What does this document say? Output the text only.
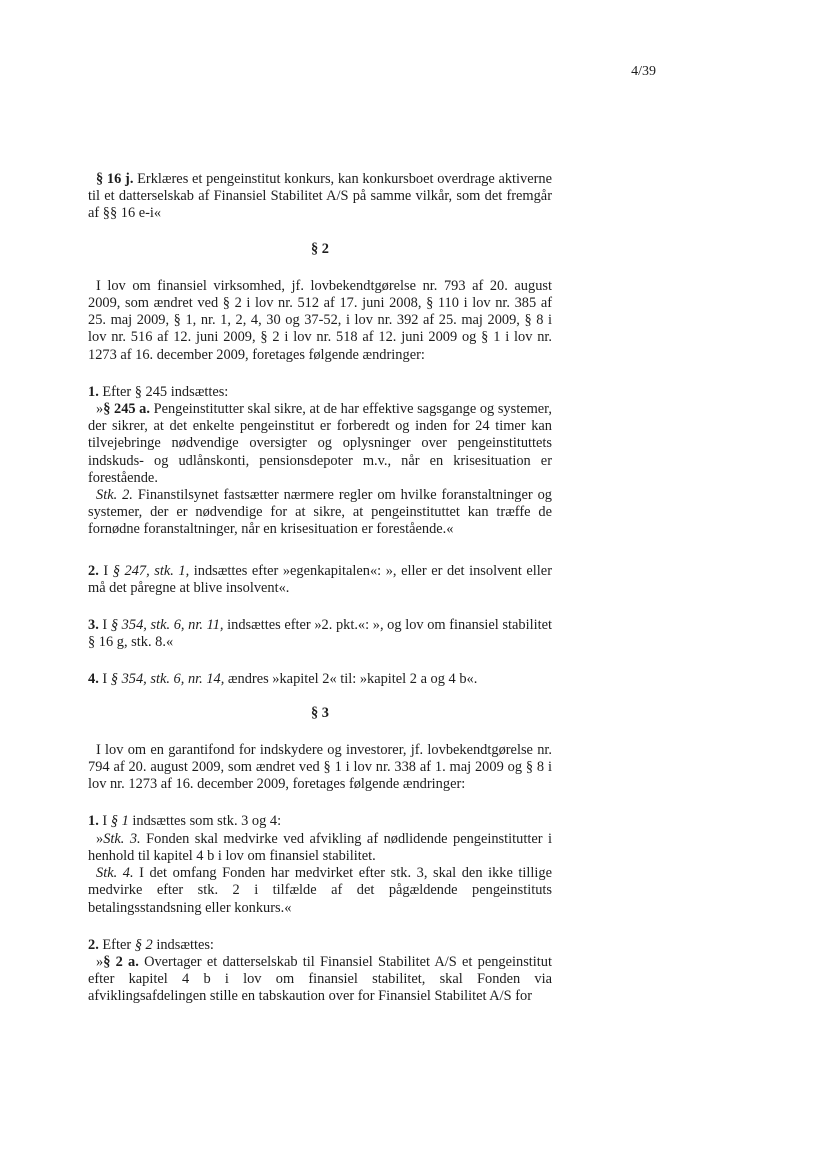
4/39

§ 16 j. Erklæres et pengeinstitut konkurs, kan konkursboet overdrage aktiverne til et datterselskab af Finansiel Stabilitet A/S på samme vilkår, som det fremgår af §§ 16 e-i«

§ 2

I lov om finansiel virksomhed, jf. lovbekendtgørelse nr. 793 af 20. august 2009, som ændret ved § 2 i lov nr. 512 af 17. juni 2008, § 110 i lov nr. 385 af 25. maj 2009, § 1, nr. 1, 2, 4, 30 og 37-52, i lov nr. 392 af 25. maj 2009, § 8 i lov nr. 516 af 12. juni 2009, § 2 i lov nr. 518 af 12. juni 2009 og § 1 i lov nr. 1273 af 16. december 2009, foretages følgende ændringer:

1. Efter § 245 indsættes:

»§ 245 a. Pengeinstitutter skal sikre, at de har effektive sagsgange og systemer, der sikrer, at det enkelte pengeinstitut er forberedt og inden for 24 timer kan tilvejebringe nødvendige oversigter og oplysninger over pengeinstituttets indskuds- og udlånskonti, pensionsdepoter m.v., når en krisesituation er forestående.

Stk. 2. Finanstilsynet fastsætter nærmere regler om hvilke foranstaltninger og systemer, der er nødvendige for at sikre, at pengeinstituttet kan træffe de fornødne foranstaltninger, når en krisesituation er forestående.«

2. I § 247, stk. 1, indsættes efter »egenkapitalen«: », eller er det insolvent eller må det påregne at blive insolvent«.

3. I § 354, stk. 6, nr. 11, indsættes efter »2. pkt.«: », og lov om finansiel stabilitet § 16 g, stk. 8.«

4. I § 354, stk. 6, nr. 14, ændres »kapitel 2« til: »kapitel 2 a og 4 b«.

§ 3

I lov om en garantifond for indskydere og investorer, jf. lovbekendtgørelse nr. 794 af 20. august 2009, som ændret ved § 1 i lov nr. 338 af 1. maj 2009 og § 8 i lov nr. 1273 af 16. december 2009, foretages følgende ændringer:

1. I § 1 indsættes som stk. 3 og 4:

»Stk. 3. Fonden skal medvirke ved afvikling af nødlidende pengeinstitutter i henhold til kapitel 4 b i lov om finansiel stabilitet.

Stk. 4. I det omfang Fonden har medvirket efter stk. 3, skal den ikke tillige medvirke efter stk. 2 i tilfælde af det pågældende pengeinstituts betalingsstandsning eller konkurs.«

2. Efter § 2 indsættes:

»§ 2 a. Overtager et datterselskab til Finansiel Stabilitet A/S et pengeinstitut efter kapitel 4 b i lov om finansiel stabilitet, skal Fonden via afviklingsafdelingen stille en tabskaution over for Finansiel Stabilitet A/S for
